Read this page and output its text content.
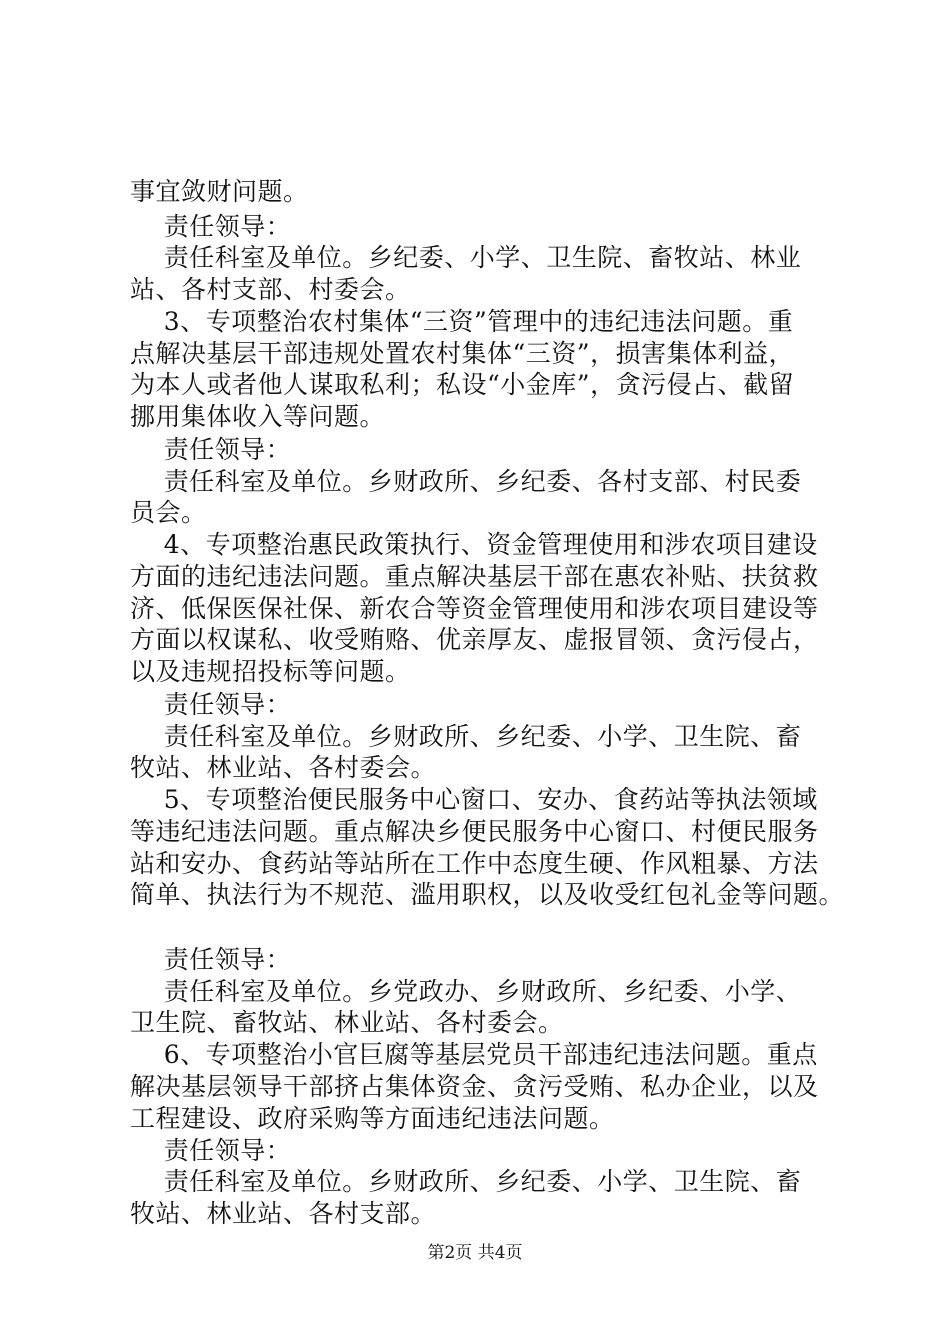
事宜敛财问题。
责任领导：
责任科室及单位。乡纪委、小学、卫生院、畜牧站、林业
站、各村支部、村委会。
3、专项整治农村集体“三资”管理中的违纪违法问题。重
点解决基层干部违规处置农村集体“三资”，损害集体利益，
为本人或者他人谋取私利；私设“小金库”，贪污侵占、截留
挪用集体收入等问题。
责任领导：
责任科室及单位。乡财政所、乡纪委、各村支部、村民委
员会。
4、专项整治惠民政策执行、资金管理使用和涉农项目建设
方面的违纪违法问题。重点解决基层干部在惠农补贴、扶贫救
济、低保医保社保、新农合等资金管理使用和涉农项目建设等
方面以权谋私、收受贿赂、优亲厚友、虚报冒领、贪污侵占，
以及违规招投标等问题。
责任领导：
责任科室及单位。乡财政所、乡纪委、小学、卫生院、畜
牧站、林业站、各村委会。
5、专项整治便民服务中心窗口、安办、食药站等执法领域
等违纪违法问题。重点解决乡便民服务中心窗口、村便民服务
站和安办、食药站等站所在工作中态度生硬、作风粗暴、方法
简单、执法行为不规范、滥用职权，以及收受红包礼金等问题。
责任领导：
责任科室及单位。乡党政办、乡财政所、乡纪委、小学、
卫生院、畜牧站、林业站、各村委会。
6、专项整治小官巨腐等基层党员干部违纪违法问题。重点
解决基层领导干部挤占集体资金、贪污受贿、私办企业，以及
工程建设、政府采购等方面违纪违法问题。
责任领导：
责任科室及单位。乡财政所、乡纪委、小学、卫生院、畜
牧站、林业站、各村支部。
第2页 共4页
